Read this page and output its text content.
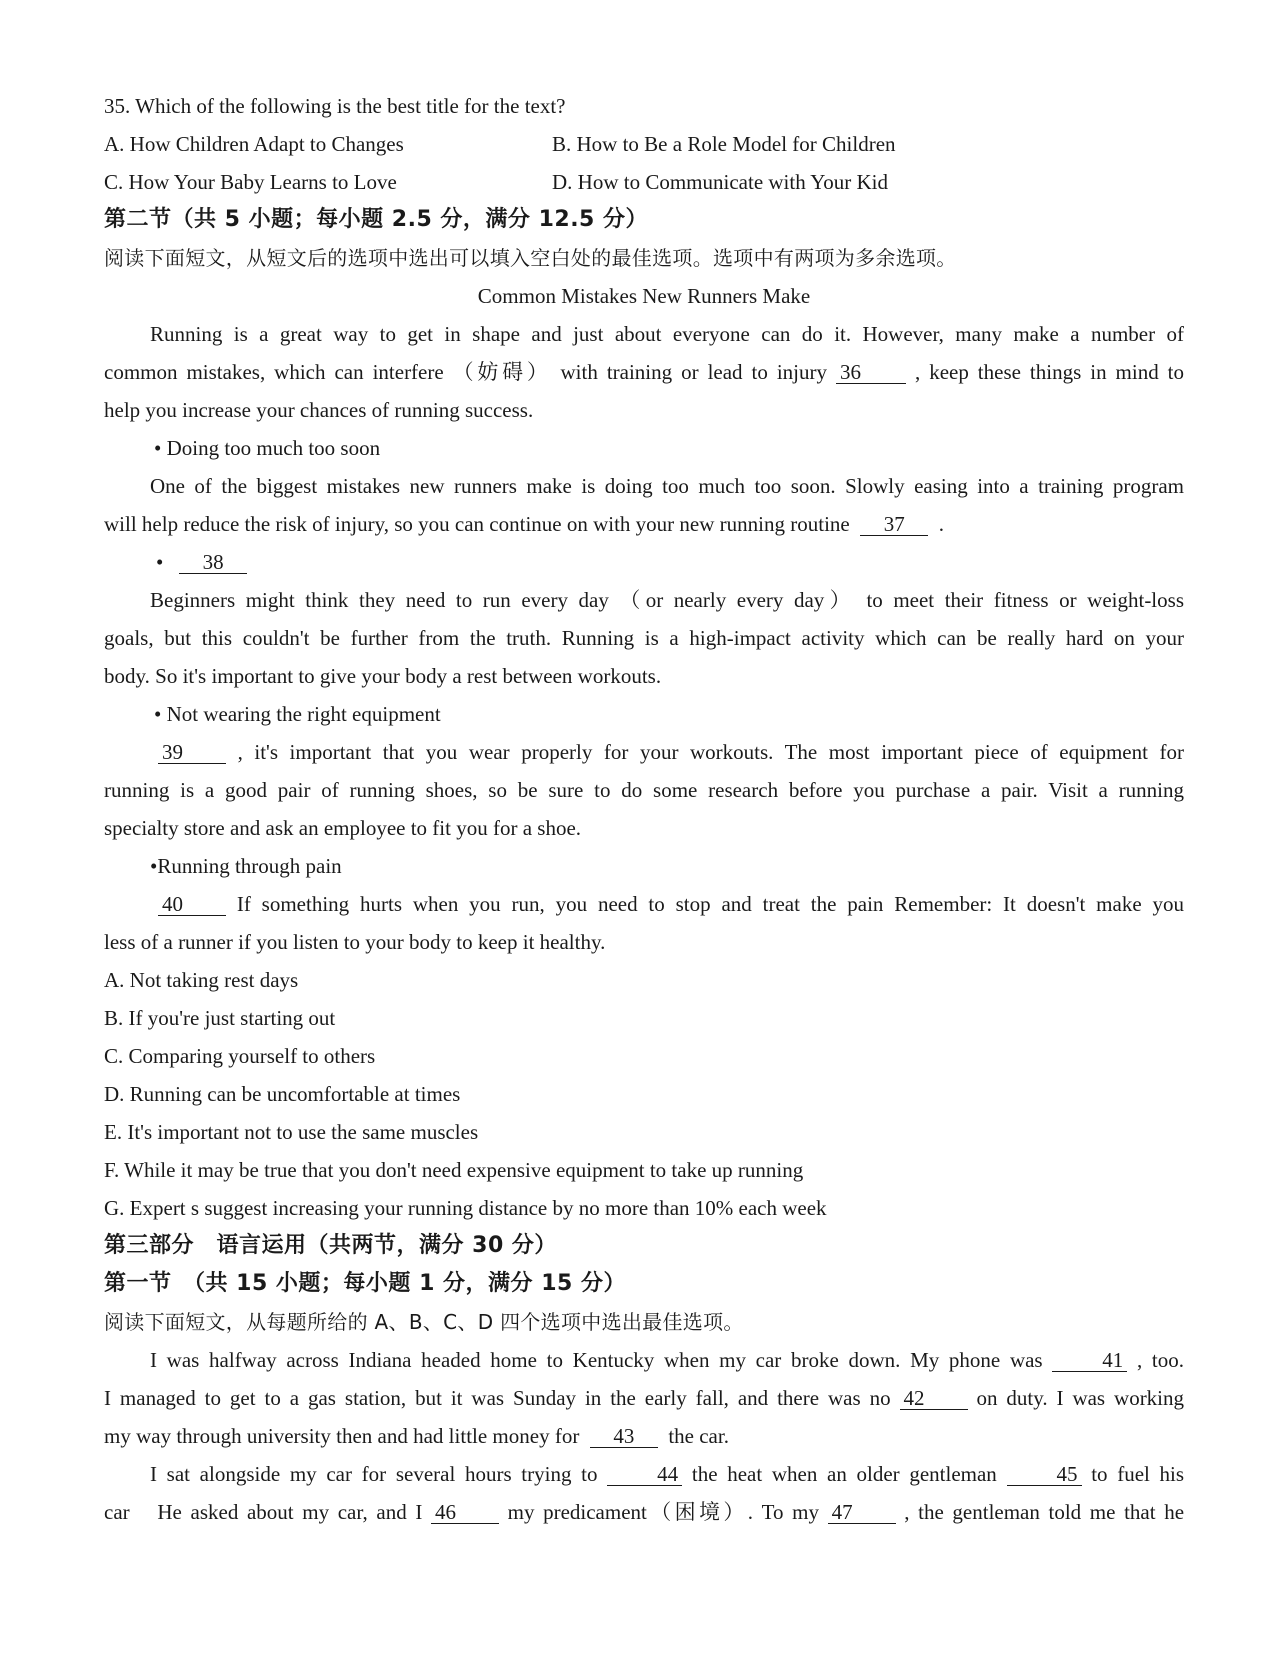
35. Which of the following is the best title for the text?

A. How Children Adapt to Changes	B. How to Be a Role Model for Children
C. How Your Baby Learns to Love	D. How to Communicate with Your Kid

第二节（共 5 小题；每小题 2.5 分，满分 12.5 分）

阅读下面短文，从短文后的选项中选出可以填入空白处的最佳选项。选项中有两项为多余选项。

Common Mistakes New Runners Make

Running is a great way to get in shape and just about everyone can do it. However, many make a number of

common mistakes, which can interfere （妨碍） with training or lead to injury 36	, keep these things in mind to

help you increase your chances of running success.

• Doing too much too soon

One of the biggest mistakes new runners make is doing too much too soon. Slowly easing into a training program

will help reduce the risk of injury, so you can continue on with your new running routine 37 .

• 38

Beginners might think they need to run every day （or nearly every day） to meet their fitness or weight-loss

goals, but this couldn't be further from the truth. Running is a high-impact activity which can be really hard on your

body. So it's important to give your body a rest between workouts.

• Not wearing the right equipment

39	, it's important that you wear properly for your workouts. The most important piece of equipment for

running is a good pair of running shoes, so be sure to do some research before you purchase a pair. Visit a running

specialty store and ask an employee to fit you for a shoe.

•Running through pain

40	If something hurts when you run, you need to stop and treat the pain Remember: It doesn't make you

less of a runner if you listen to your body to keep it healthy.

A. Not taking rest days

B. If you're just starting out

C. Comparing yourself to others

D. Running can be uncomfortable at times

E. It's important not to use the same muscles

F. While it may be true that you don't need expensive equipment to take up running

G. Expert s suggest increasing your running distance by no more than 10% each week

第三部分　语言运用（共两节，满分 30 分）

第一节　（共 15 小题；每小题 1 分，满分 15 分）

阅读下面短文，从每题所给的 A、B、C、D 四个选项中选出最佳选项。

I was halfway across Indiana headed home to Kentucky when my car broke down. My phone was	41 , too.

I managed to get to a gas station, but it was Sunday in the early fall, and there was no 42 on duty. I was working

my way through university then and had little money for 43 the car.

I sat alongside my car for several hours trying to	44 the heat when an older gentleman	45 to fuel his

car　He asked about my car, and I 46 my predicament（困境）. To my 47 , the gentleman told me that he
